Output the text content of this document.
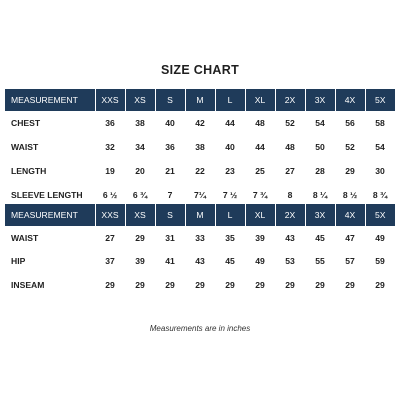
SIZE CHART
MEASUREMENT	XXS	XS	S	M	L	XL	2X	3X	4X	5X
CHEST	36	38	40	42	44	48	52	54	56	58
WAIST	32	34	36	38	40	44	48	50	52	54
LENGTH	19	20	21	22	23	25	27	28	29	30
SLEEVE LENGTH	6 ½	6 ¾	7	7¼	7 ½	7 ¾	8	8 ¼	8 ½	8 ¾
MEASUREMENT	XXS	XS	S	M	L	XL	2X	3X	4X	5X
WAIST	27	29	31	33	35	39	43	45	47	49
HIP	37	39	41	43	45	49	53	55	57	59
INSEAM	29	29	29	29	29	29	29	29	29	29
Measurements are in inches
